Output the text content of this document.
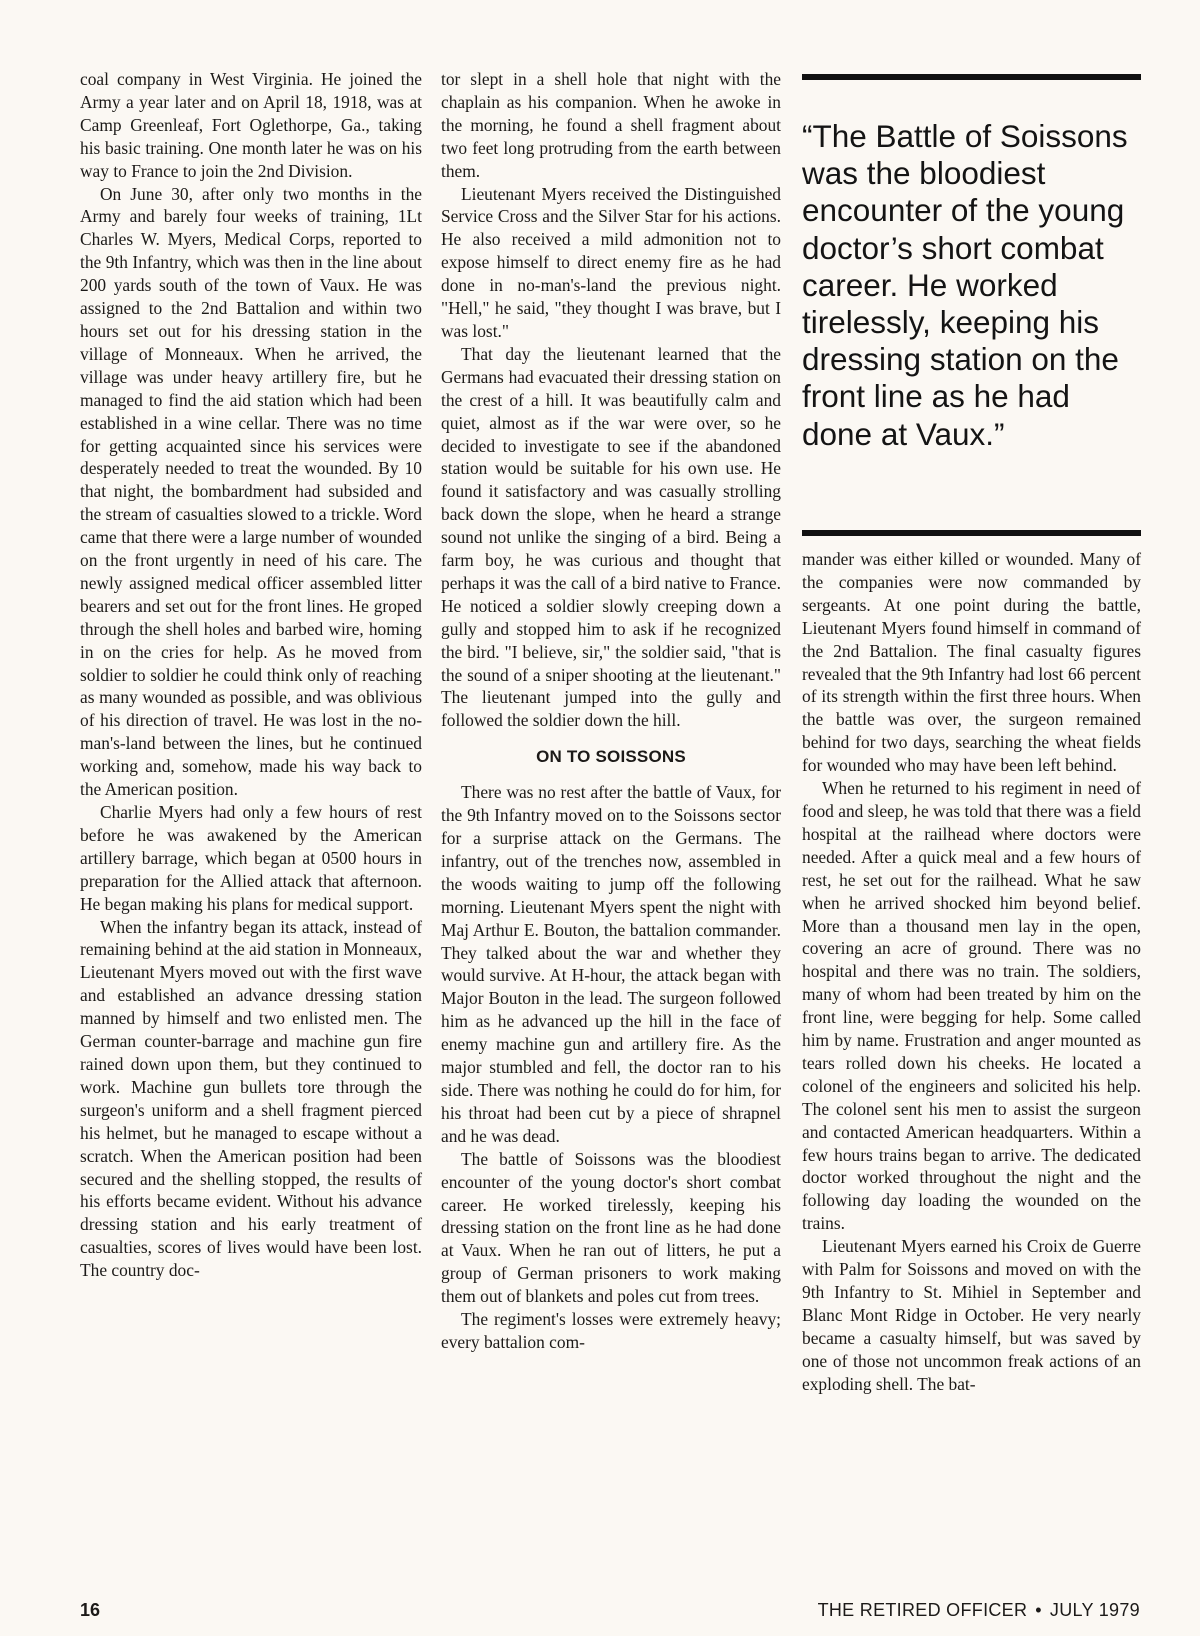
coal company in West Virginia. He joined the Army a year later and on April 18, 1918, was at Camp Greenleaf, Fort Oglethorpe, Ga., taking his basic training. One month later he was on his way to France to join the 2nd Division.

On June 30, after only two months in the Army and barely four weeks of training, 1Lt Charles W. Myers, Medical Corps, reported to the 9th Infantry, which was then in the line about 200 yards south of the town of Vaux. He was assigned to the 2nd Battalion and within two hours set out for his dressing station in the village of Monneaux. When he arrived, the village was under heavy artillery fire, but he managed to find the aid station which had been established in a wine cellar. There was no time for getting acquainted since his services were desperately needed to treat the wounded. By 10 that night, the bombardment had subsided and the stream of casualties slowed to a trickle. Word came that there were a large number of wounded on the front urgently in need of his care. The newly assigned medical officer assembled litter bearers and set out for the front lines. He groped through the shell holes and barbed wire, homing in on the cries for help. As he moved from soldier to soldier he could think only of reaching as many wounded as possible, and was oblivious of his direction of travel. He was lost in the no-man's-land between the lines, but he continued working and, somehow, made his way back to the American position.

Charlie Myers had only a few hours of rest before he was awakened by the American artillery barrage, which began at 0500 hours in preparation for the Allied attack that afternoon. He began making his plans for medical support.

When the infantry began its attack, instead of remaining behind at the aid station in Monneaux, Lieutenant Myers moved out with the first wave and established an advance dressing station manned by himself and two enlisted men. The German counter-barrage and machine gun fire rained down upon them, but they continued to work. Machine gun bullets tore through the surgeon's uniform and a shell fragment pierced his helmet, but he managed to escape without a scratch. When the American position had been secured and the shelling stopped, the results of his efforts became evident. Without his advance dressing station and his early treatment of casualties, scores of lives would have been lost. The country doc-

tor slept in a shell hole that night with the chaplain as his companion. When he awoke in the morning, he found a shell fragment about two feet long protruding from the earth between them.

Lieutenant Myers received the Distinguished Service Cross and the Silver Star for his actions. He also received a mild admonition not to expose himself to direct enemy fire as he had done in no-man's-land the previous night. "Hell," he said, "they thought I was brave, but I was lost."

That day the lieutenant learned that the Germans had evacuated their dressing station on the crest of a hill. It was beautifully calm and quiet, almost as if the war were over, so he decided to investigate to see if the abandoned station would be suitable for his own use. He found it satisfactory and was casually strolling back down the slope, when he heard a strange sound not unlike the singing of a bird. Being a farm boy, he was curious and thought that perhaps it was the call of a bird native to France. He noticed a soldier slowly creeping down a gully and stopped him to ask if he recognized the bird. "I believe, sir," the soldier said, "that is the sound of a sniper shooting at the lieutenant." The lieutenant jumped into the gully and followed the soldier down the hill.

ON TO SOISSONS

There was no rest after the battle of Vaux, for the 9th Infantry moved on to the Soissons sector for a surprise attack on the Germans. The infantry, out of the trenches now, assembled in the woods waiting to jump off the following morning. Lieutenant Myers spent the night with Maj Arthur E. Bouton, the battalion commander. They talked about the war and whether they would survive. At H-hour, the attack began with Major Bouton in the lead. The surgeon followed him as he advanced up the hill in the face of enemy machine gun and artillery fire. As the major stumbled and fell, the doctor ran to his side. There was nothing he could do for him, for his throat had been cut by a piece of shrapnel and he was dead.

The battle of Soissons was the bloodiest encounter of the young doctor's short combat career. He worked tirelessly, keeping his dressing station on the front line as he had done at Vaux. When he ran out of litters, he put a group of German prisoners to work making them out of blankets and poles cut from trees.

The regiment's losses were extremely heavy; every battalion com-

“The Battle of Soissons was the bloodiest encounter of the young doctor’s short combat career. He worked tirelessly, keeping his dressing station on the front line as he had done at Vaux.”

mander was either killed or wounded. Many of the companies were now commanded by sergeants. At one point during the battle, Lieutenant Myers found himself in command of the 2nd Battalion. The final casualty figures revealed that the 9th Infantry had lost 66 percent of its strength within the first three hours. When the battle was over, the surgeon remained behind for two days, searching the wheat fields for wounded who may have been left behind.

When he returned to his regiment in need of food and sleep, he was told that there was a field hospital at the railhead where doctors were needed. After a quick meal and a few hours of rest, he set out for the railhead. What he saw when he arrived shocked him beyond belief. More than a thousand men lay in the open, covering an acre of ground. There was no hospital and there was no train. The soldiers, many of whom had been treated by him on the front line, were begging for help. Some called him by name. Frustration and anger mounted as tears rolled down his cheeks. He located a colonel of the engineers and solicited his help. The colonel sent his men to assist the surgeon and contacted American headquarters. Within a few hours trains began to arrive. The dedicated doctor worked throughout the night and the following day loading the wounded on the trains.

Lieutenant Myers earned his Croix de Guerre with Palm for Soissons and moved on with the 9th Infantry to St. Mihiel in September and Blanc Mont Ridge in October. He very nearly became a casualty himself, but was saved by one of those not uncommon freak actions of an exploding shell. The bat-

16	THE RETIRED OFFICER • JULY 1979
